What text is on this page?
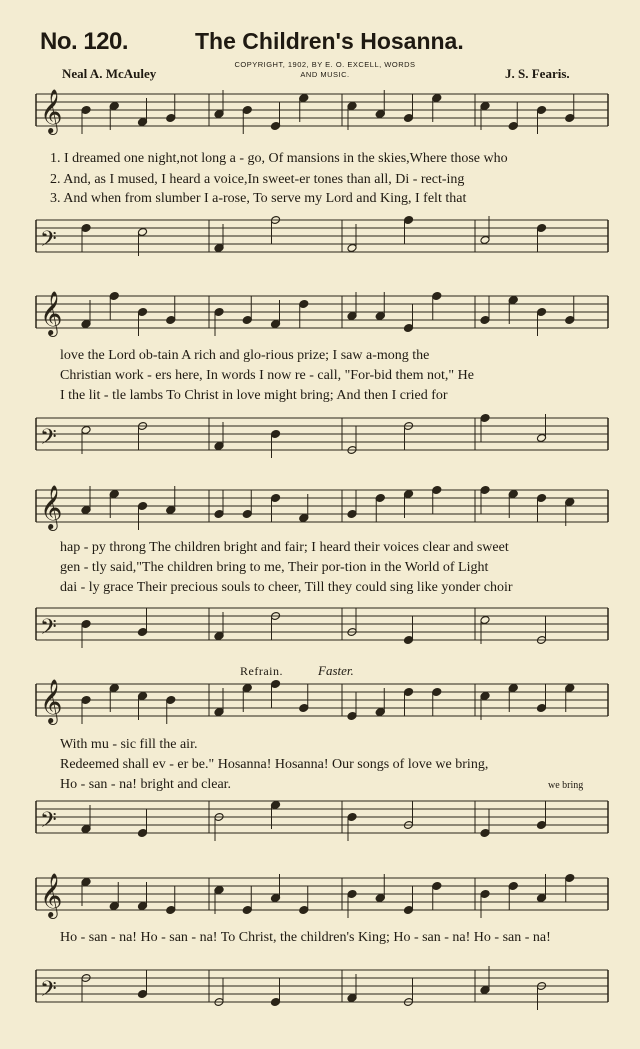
No. 120.	The Children's Hosanna.
Neal A. McAuley
COPYRIGHT, 1902, BY E. O. EXCELL, WORDS AND MUSIC.	J. S. Fearis.
𝄞
1. I dreamed one night,not long a - go, Of mansions in the skies,Where those who
2. And, as I mused, I heard a voice,In sweet-er tones than all, Di - rect-ing
3. And when from slumber I a-rose, To serve my Lord and King, I felt that
𝄢
𝄞
love the Lord ob-tain A rich and glo-rious prize; I saw a-mong the
Christian work - ers here, In words I now re - call, "For-bid them not," He
I the lit - tle lambs To Christ in love might bring; And then I cried for
𝄢
𝄞
hap - py throng The children bright and fair; I heard their voices clear and sweet
gen - tly said,"The children bring to me, Their por-tion in the World of Light
dai - ly grace Their precious souls to cheer, Till they could sing like yonder choir
𝄢
Refrain.	Faster.
𝄞
With mu - sic fill the air.
Redeemed shall ev - er be." Hosanna! Hosanna! Our songs of love we bring,
Ho - san - na! bright and clear.	we bring
𝄢
𝄞
Ho - san - na! Ho - san - na! To Christ, the children's King; Ho - san - na! Ho - san - na!
𝄢
